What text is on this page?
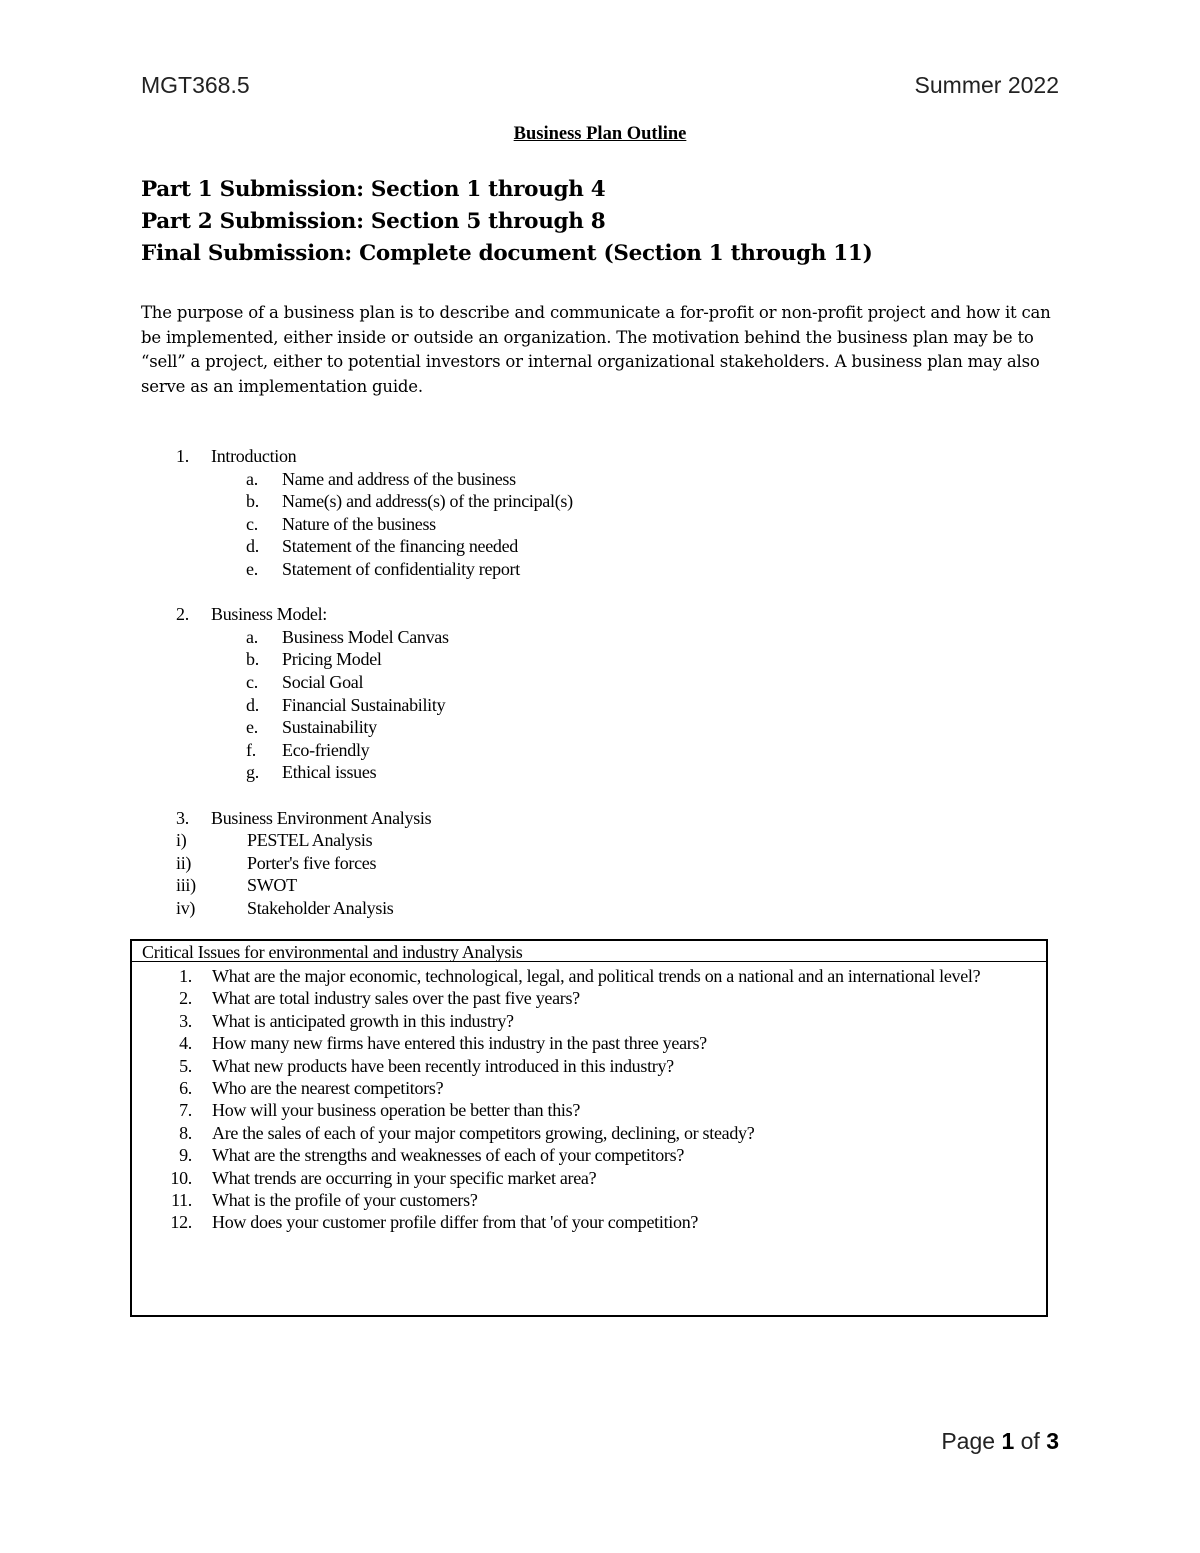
MGT368.5	Summer 2022
Business Plan Outline
Part 1 Submission: Section 1 through 4
Part 2 Submission: Section 5 through 8
Final Submission: Complete document (Section 1 through 11)
The purpose of a business plan is to describe and communicate a for-profit or non-profit project and how it can be implemented, either inside or outside an organization. The motivation behind the business plan may be to “sell” a project, either to potential investors or internal organizational stakeholders. A business plan may also serve as an implementation guide.
1. Introduction
a. Name and address of the business
b. Name(s) and address(s) of the principal(s)
c. Nature of the business
d. Statement of the financing needed
e. Statement of confidentiality report
2. Business Model:
a. Business Model Canvas
b. Pricing Model
c. Social Goal
d. Financial Sustainability
e. Sustainability
f. Eco-friendly
g. Ethical issues
3. Business Environment Analysis
i)	PESTEL Analysis
ii)	Porter's five forces
iii)	SWOT
iv)	Stakeholder Analysis
Critical Issues for environmental and industry Analysis
1. What are the major economic, technological, legal, and political trends on a national and an international level?
2. What are total industry sales over the past five years?
3. What is anticipated growth in this industry?
4. How many new firms have entered this industry in the past three years?
5. What new products have been recently introduced in this industry?
6. Who are the nearest competitors?
7. How will your business operation be better than this?
8. Are the sales of each of your major competitors growing, declining, or steady?
9. What are the strengths and weaknesses of each of your competitors?
10. What trends are occurring in your specific market area?
11. What is the profile of your customers?
12. How does your customer profile differ from that 'of your competition?
Page 1 of 3
